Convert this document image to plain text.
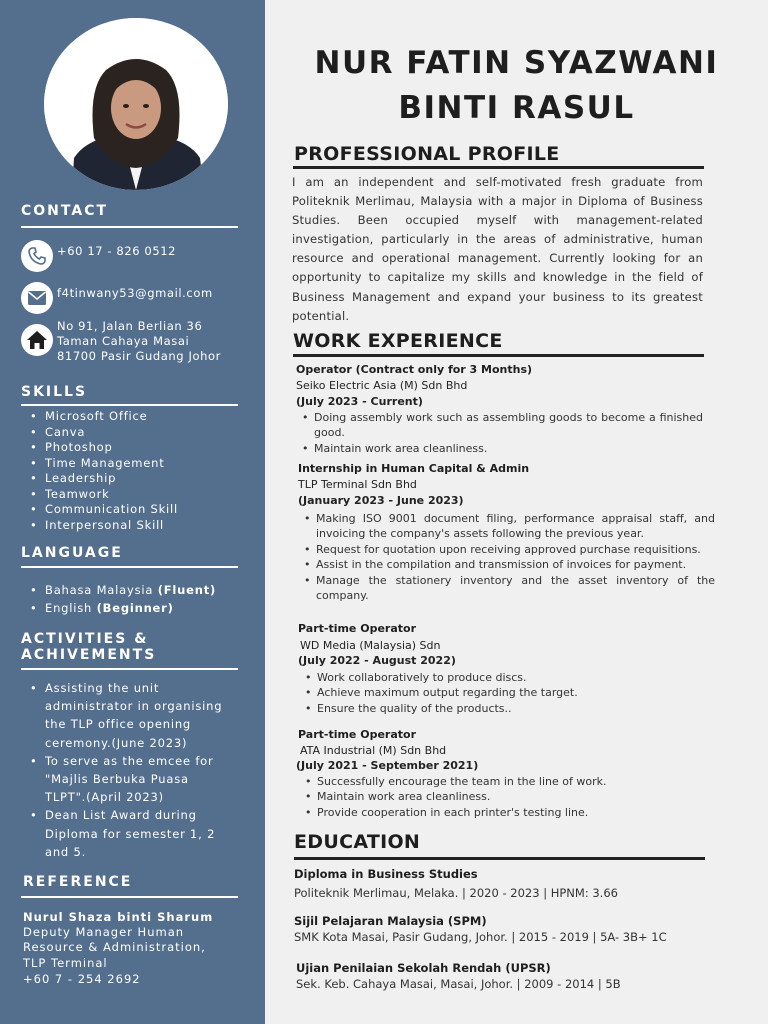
CONTACT
+60 17 - 826 0512
f4tinwany53@gmail.com
No 91, Jalan Berlian 36
Taman Cahaya Masai
81700 Pasir Gudang Johor
SKILLS
• Microsoft Office
• Canva
• Photoshop
• Time Management
• Leadership
• Teamwork
• Communication Skill
• Interpersonal Skill
LANGUAGE
• Bahasa Malaysia (Fluent)
• English (Beginner)
ACTIVITIES &
ACHIVEMENTS
• Assisting the unit
administrator in organising
the TLP office opening
ceremony.(June 2023)
• To serve as the emcee for
"Majlis Berbuka Puasa
TLPT".(April 2023)
• Dean List Award during
Diploma for semester 1, 2
and 5.
REFERENCE
Nurul Shaza binti Sharum
Deputy Manager Human
Resource & Administration,
TLP Terminal
+60 7 - 254 2692
NUR FATIN SYAZWANI
BINTI RASUL
PROFESSIONAL PROFILE
I am an independent and self-motivated fresh graduate from Politeknik Merlimau, Malaysia with a major in Diploma of Business Studies. Been occupied myself with management-related investigation, particularly in the areas of administrative, human resource and operational management. Currently looking for an opportunity to capitalize my skills and knowledge in the field of Business Management and expand your business to its greatest potential.
WORK EXPERIENCE
Operator (Contract only for 3 Months)
Seiko Electric Asia (M) Sdn Bhd
(July 2023 - Current)
• Doing assembly work such as assembling goods to become a finished good.
• Maintain work area cleanliness.
Internship in Human Capital & Admin
TLP Terminal Sdn Bhd
(January 2023 - June 2023)
• Making ISO 9001 document filing, performance appraisal staff, and invoicing the company's assets following the previous year.
• Request for quotation upon receiving approved purchase requisitions.
• Assist in the compilation and transmission of invoices for payment.
• Manage the stationery inventory and the asset inventory of the company.
Part-time Operator
WD Media (Malaysia) Sdn
(July 2022 - August 2022)
• Work collaboratively to produce discs.
• Achieve maximum output regarding the target.
• Ensure the quality of the products..
Part-time Operator
ATA Industrial (M) Sdn Bhd
(July 2021 - September 2021)
• Successfully encourage the team in the line of work.
• Maintain work area cleanliness.
• Provide cooperation in each printer's testing line.
EDUCATION
Diploma in Business Studies
Politeknik Merlimau, Melaka. | 2020 - 2023 | HPNM: 3.66
Sijil Pelajaran Malaysia (SPM)
SMK Kota Masai, Pasir Gudang, Johor. | 2015 - 2019 | 5A- 3B+ 1C
Ujian Penilaian Sekolah Rendah (UPSR)
Sek. Keb. Cahaya Masai, Masai, Johor. | 2009 - 2014 | 5B
